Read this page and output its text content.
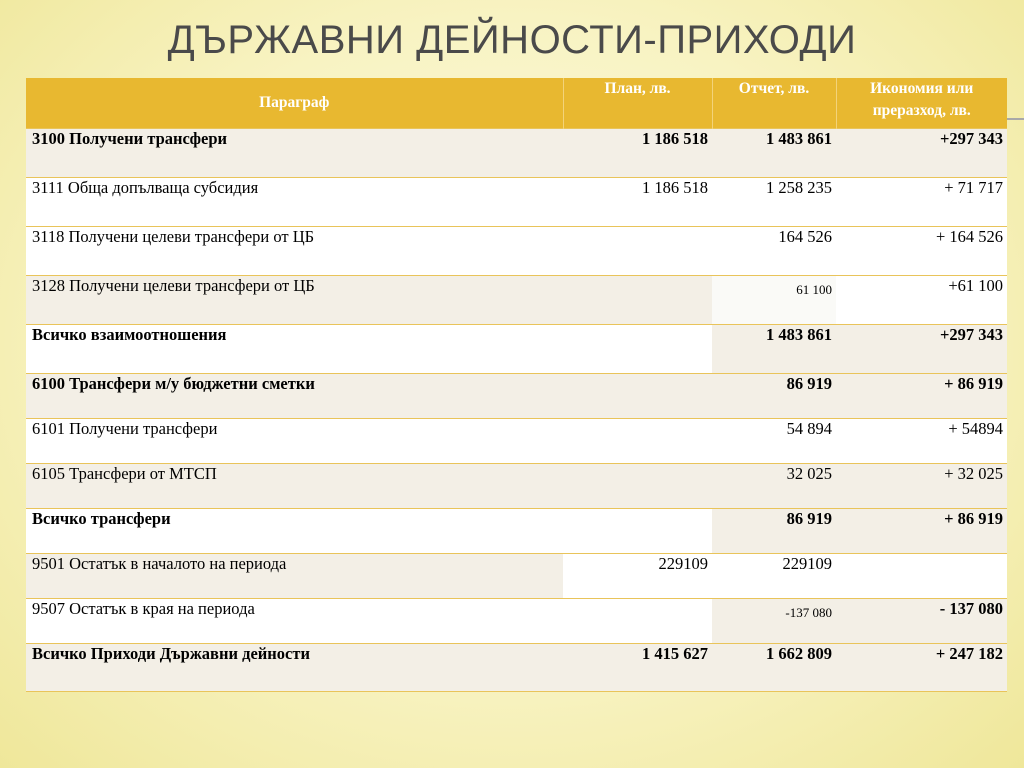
ДЪРЖАВНИ ДЕЙНОСТИ-ПРИХОДИ
Параграф	План, лв.	Отчет, лв.	Икономия или
преразход, лв.
3100 Получени трансфери	1 186 518	1 483 861	+297 343
3111 Обща допълваща субсидия	1 186 518	1 258 235	+ 71 717
3118 Получени целеви трансфери от ЦБ		164 526	+ 164 526
3128 Получени целеви трансфери от ЦБ		61 100	+61 100
Всичко взаимоотношения		1 483 861	+297 343
6100 Трансфери м/у бюджетни сметки		86 919	+ 86 919
6101 Получени трансфери		54 894	+ 54894
6105 Трансфери от МТСП		32 025	+ 32 025
Всичко трансфери		86 919	+ 86 919
9501 Остатък в началото на периода	229109	229109	
9507 Остатък в края на периода		-137 080	- 137 080
Всичко Приходи Държавни дейности	1 415 627	1 662 809	+ 247 182
